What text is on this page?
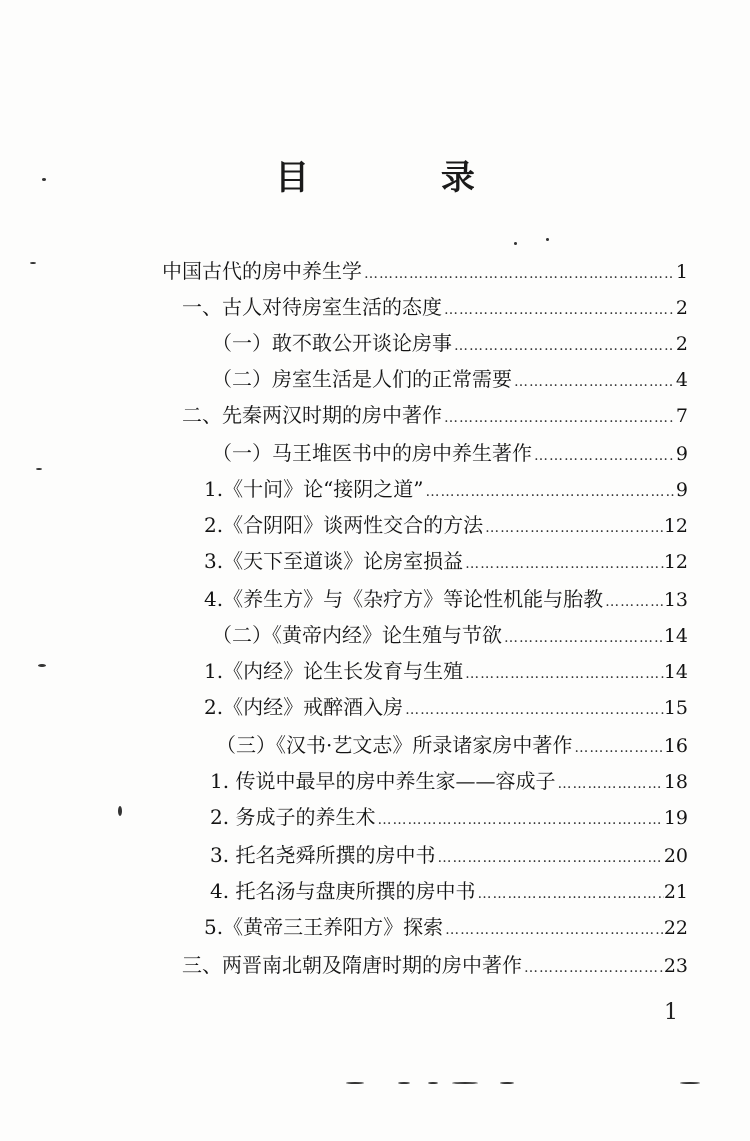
目 录
中国古代的房中养生学 …………………………………………………………………………………………………………………………	1
一、古人对待房室生活的态度 …………………………………………………………………………………………………………………………	2
（一）敢不敢公开谈论房事 …………………………………………………………………………………………………………………………	2
（二）房室生活是人们的正常需要 …………………………………………………………………………………………………………………………	4
二、先秦两汉时期的房中著作 …………………………………………………………………………………………………………………………	7
（一）马王堆医书中的房中养生著作 …………………………………………………………………………………………………………………………	9
1.《十问》论“接阴之道” …………………………………………………………………………………………………………………………	9
2.《合阴阳》谈两性交合的方法 …………………………………………………………………………………………………………………………	12
3.《天下至道谈》论房室损益 …………………………………………………………………………………………………………………………	12
4.《养生方》与《杂疗方》等论性机能与胎教 …………………………………………………………………………………………………………………………	13
（二）《黄帝内经》论生殖与节欲 …………………………………………………………………………………………………………………………	14
1.《内经》论生长发育与生殖 …………………………………………………………………………………………………………………………	14
2.《内经》戒醉酒入房 …………………………………………………………………………………………………………………………	15
（三）《汉书·艺文志》所录诸家房中著作 …………………………………………………………………………………………………………………………	16
1. 传说中最早的房中养生家——容成子 …………………………………………………………………………………………………………………………	18
2. 务成子的养生术 …………………………………………………………………………………………………………………………	19
3. 托名尧舜所撰的房中书 …………………………………………………………………………………………………………………………	20
4. 托名汤与盘庚所撰的房中书 …………………………………………………………………………………………………………………………	21
5.《黄帝三王养阳方》探索 …………………………………………………………………………………………………………………………	22
三、两晋南北朝及隋唐时期的房中著作 …………………………………………………………………………………………………………………………	23
1
